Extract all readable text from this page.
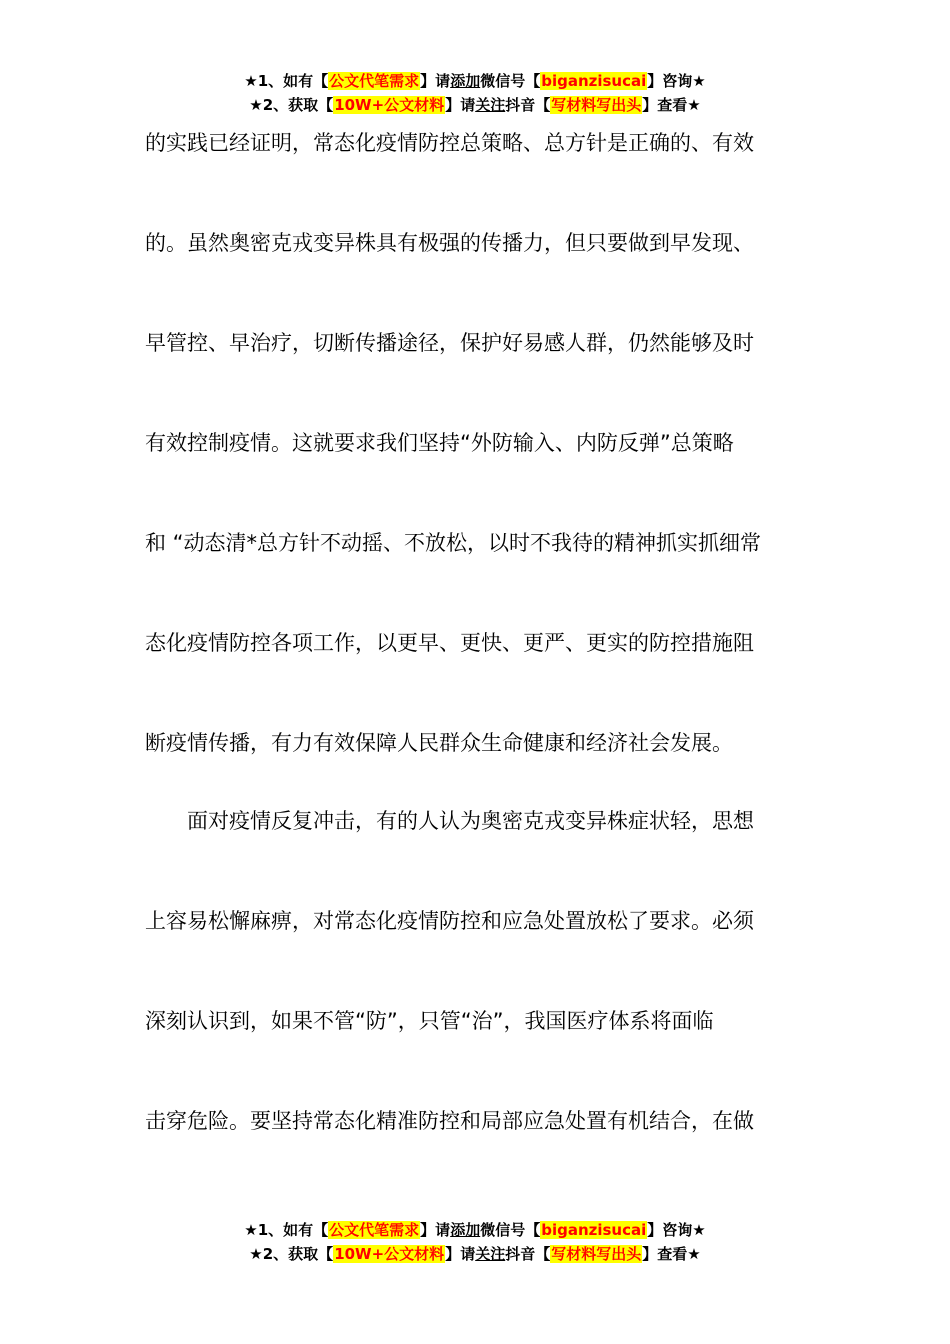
★1、如有【公文代笔需求】请添加微信号【biganzisucai】咨询★
★2、获取【10W+公文材料】请关注抖音【写材料写出头】查看★
的实践已经证明，常态化疫情防控总策略、总方针是正确的、有效
的。虽然奥密克戎变异株具有极强的传播力，但只要做到早发现、
早管控、早治疗，切断传播途径，保护好易感人群，仍然能够及时
有效控制疫情。这就要求我们坚持“外防输入、内防反弹”总策略
和 “动态清*总方针不动摇、不放松，以时不我待的精神抓实抓细常
态化疫情防控各项工作，以更早、更快、更严、更实的防控措施阻
断疫情传播，有力有效保障人民群众生命健康和经济社会发展。
面对疫情反复冲击，有的人认为奥密克戎变异株症状轻，思想
上容易松懈麻痹，对常态化疫情防控和应急处置放松了要求。必须
深刻认识到，如果不管“防”，只管“治”，我国医疗体系将面临
击穿危险。要坚持常态化精准防控和局部应急处置有机结合，在做
★1、如有【公文代笔需求】请添加微信号【biganzisucai】咨询★
★2、获取【10W+公文材料】请关注抖音【写材料写出头】查看★
